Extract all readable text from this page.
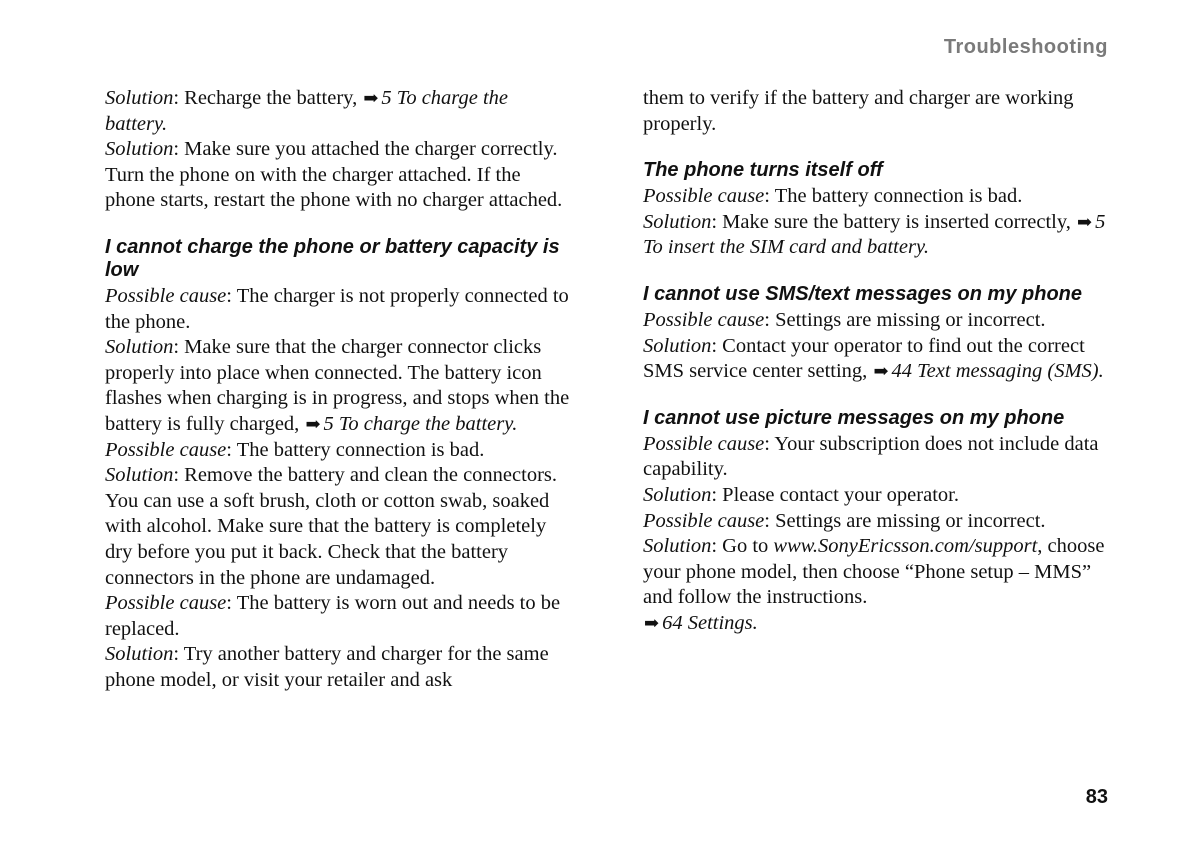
Troubleshooting

Solution: Recharge the battery, ➡ 5 To charge the battery.

Solution: Make sure you attached the charger correctly. Turn the phone on with the charger attached. If the phone starts, restart the phone with no charger attached.

I cannot charge the phone or battery capacity is low

Possible cause: The charger is not properly connected to the phone.

Solution: Make sure that the charger connector clicks properly into place when connected. The battery icon flashes when charging is in progress, and stops when the battery is fully charged, ➡ 5 To charge the battery.

Possible cause: The battery connection is bad.

Solution: Remove the battery and clean the connectors. You can use a soft brush, cloth or cotton swab, soaked with alcohol. Make sure that the battery is completely dry before you put it back. Check that the battery connectors in the phone are undamaged.

Possible cause: The battery is worn out and needs to be replaced.

Solution: Try another battery and charger for the same phone model, or visit your retailer and ask

them to verify if the battery and charger are working properly.

The phone turns itself off

Possible cause: The battery connection is bad.

Solution: Make sure the battery is inserted correctly, ➡ 5 To insert the SIM card and battery.

I cannot use SMS/text messages on my phone

Possible cause: Settings are missing or incorrect.

Solution: Contact your operator to find out the correct SMS service center setting, ➡ 44 Text messaging (SMS).

I cannot use picture messages on my phone

Possible cause: Your subscription does not include data capability.

Solution: Please contact your operator.

Possible cause: Settings are missing or incorrect.

Solution: Go to www.SonyEricsson.com/support, choose your phone model, then choose “Phone setup – MMS” and follow the instructions.

➡ 64 Settings.

83
